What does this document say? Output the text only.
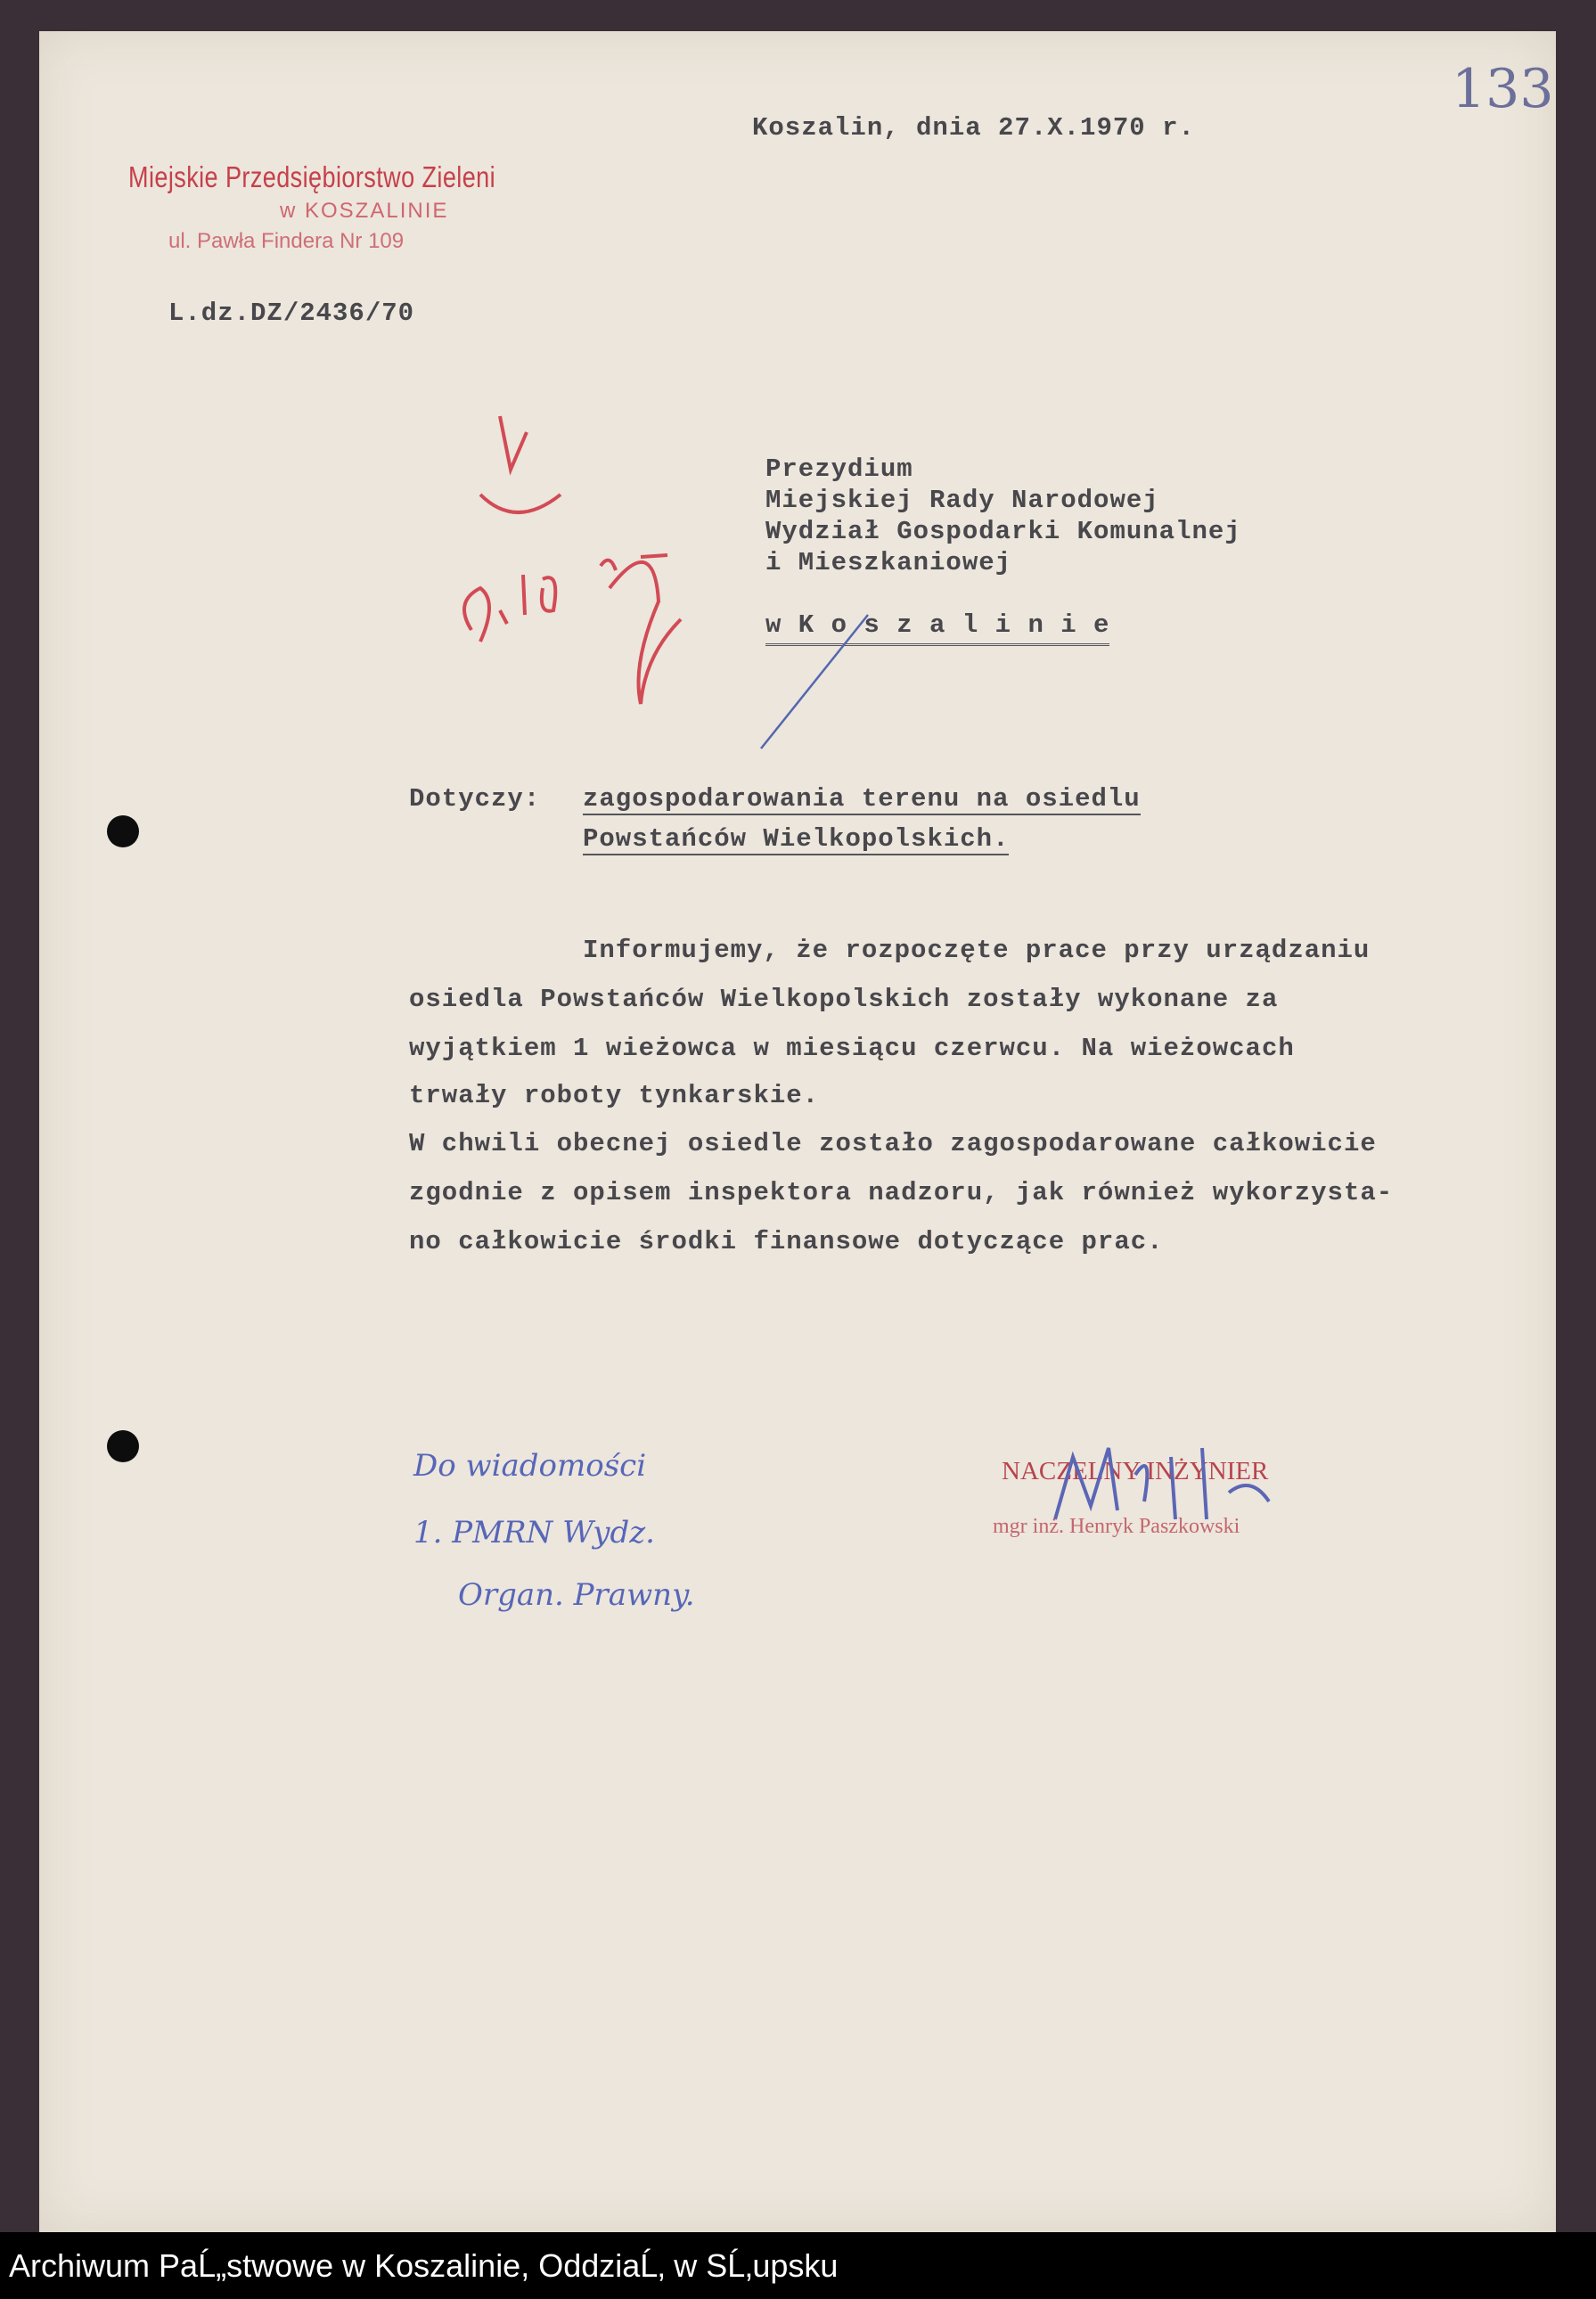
133
Miejskie Przedsiębiorstwo Zieleni
w KOSZALINIE
ul. Pawła Findera Nr 109
Koszalin, dnia 27.X.1970 r.
L.dz.DZ/2436/70
Prezydium
Miejskiej Rady Narodowej
Wydział Gospodarki Komunalnej
i Mieszkaniowej
w K o s z a l i n i e
Dotyczy: zagospodarowania terenu na osiedlu
Powstańców Wielkopolskich.
Informujemy, że rozpoczęte prace przy urządzaniu
osiedla Powstańców Wielkopolskich zostały wykonane za
wyjątkiem 1 wieżowca w miesiącu czerwcu. Na wieżowcach
trwały roboty tynkarskie.
W chwili obecnej osiedle zostało zagospodarowane całkowicie
zgodnie z opisem inspektora nadzoru, jak również wykorzysta-
no całkowicie środki finansowe dotyczące prac.
Do wiadomości
1. PMRN Wydz.
Organ. Prawny.
NACZELNY INŻYNIER
mgr inż. Henryk Paszkowski
Archiwum PaĹ„stwowe w Koszalinie, OddziaĹ‚ w SĹ‚upsku
